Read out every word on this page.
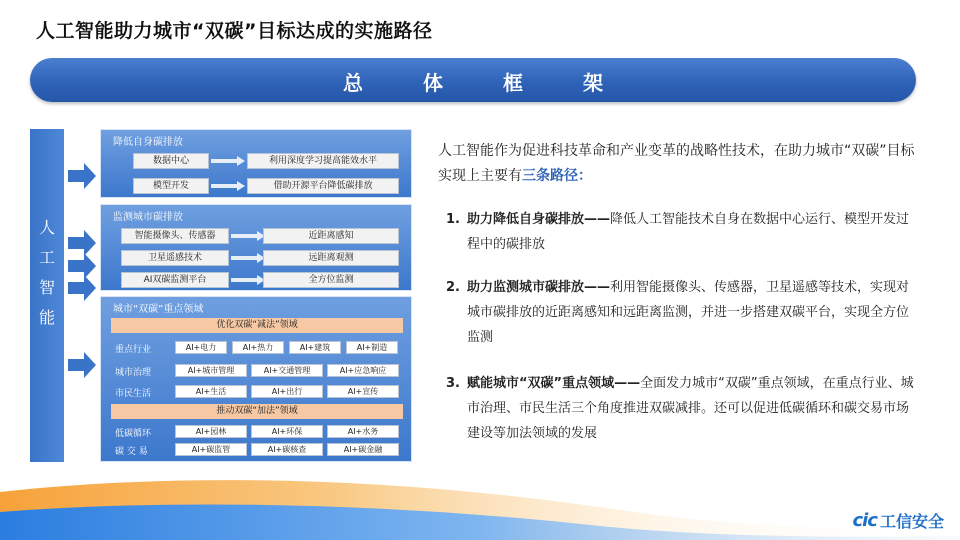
人工智能助力城市“双碳”目标达成的实施路径
总体框架
人
工
智
能
降低自身碳排放
数据中心	利用深度学习提高能效水平
模型开发	借助开源平台降低碳排放
监测城市碳排放
智能摄像头、传感器	近距离感知
卫星遥感技术	远距离观测
AI双碳监测平台	全方位监测
城市“双碳”重点领域
优化双碳“减法”领域
重点行业	AI+电力	AI+热力	AI+建筑	AI+制造
城市治理	AI+城市管理	AI+交通管理	AI+应急响应
市民生活	AI+生活	AI+出行	AI+宣传
推动双碳“加法”领域
低碳循环	AI+园林	AI+环保	AI+水务
碳 交 易	AI+碳监管	AI+碳核查	AI+碳金融
人工智能作为促进科技革命和产业变革的战略性技术，在助力城市“双碳”目标实现上主要有三条路径：
1. 助力降低自身碳排放——降低人工智能技术自身在数据中心运行、模型开发过程中的碳排放
2. 助力监测城市碳排放——利用智能摄像头、传感器，卫星遥感等技术，实现对城市碳排放的近距离感知和远距离监测，并进一步搭建双碳平台，实现全方位监测
3. 赋能城市“双碳”重点领域——全面发力城市“双碳”重点领域，在重点行业、城市治理、市民生活三个角度推进双碳减排。还可以促进低碳循环和碳交易市场建设等加法领域的发展
cic 工信安全
